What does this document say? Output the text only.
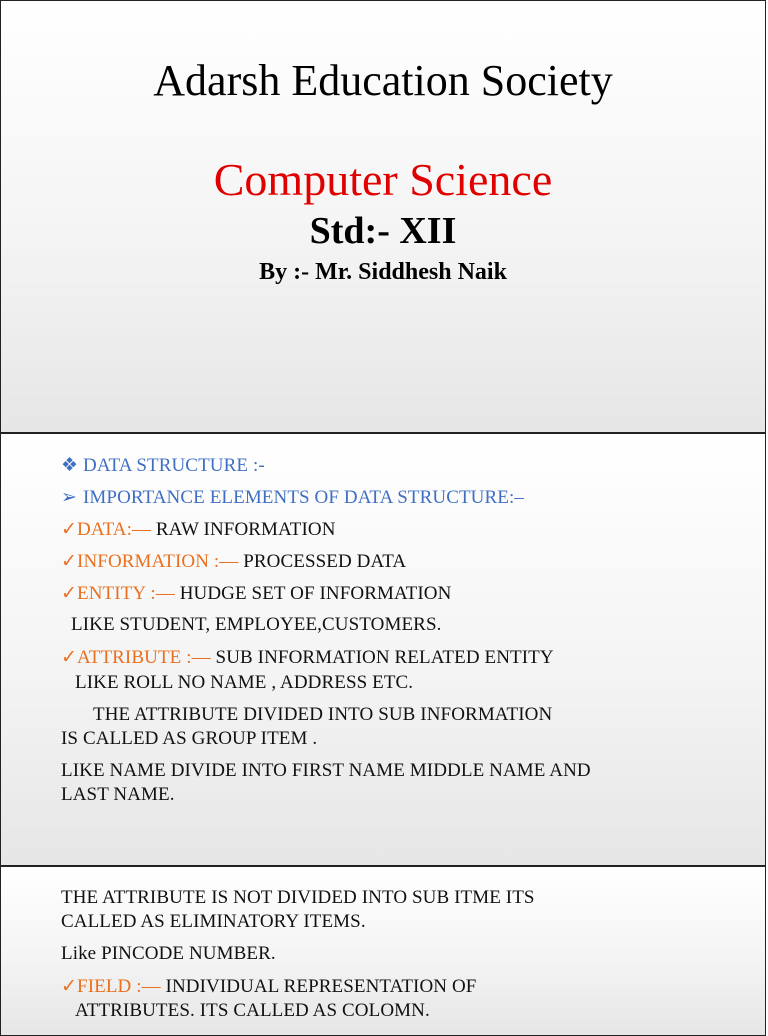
Adarsh Education Society
Computer Science
Std:- XII
By :- Mr. Siddhesh Naik
❖ DATA STRUCTURE :-
➢ IMPORTANCE ELEMENTS OF DATA STRUCTURE:–
✓DATA:— RAW INFORMATION
✓INFORMATION :— PROCESSED DATA
✓ENTITY :— HUDGE SET OF INFORMATION
LIKE STUDENT, EMPLOYEE,CUSTOMERS.
✓ATTRIBUTE :— SUB INFORMATION RELATED ENTITY
LIKE ROLL NO NAME , ADDRESS ETC.
THE ATTRIBUTE DIVIDED INTO SUB INFORMATION
IS CALLED AS GROUP ITEM .
LIKE NAME DIVIDE INTO FIRST NAME MIDDLE NAME AND
LAST NAME.
THE ATTRIBUTE IS NOT DIVIDED INTO SUB ITME ITS
CALLED AS ELIMINATORY ITEMS.
Like PINCODE NUMBER.
✓FIELD :— INDIVIDUAL REPRESENTATION OF
ATTRIBUTES. ITS CALLED AS COLOMN.
